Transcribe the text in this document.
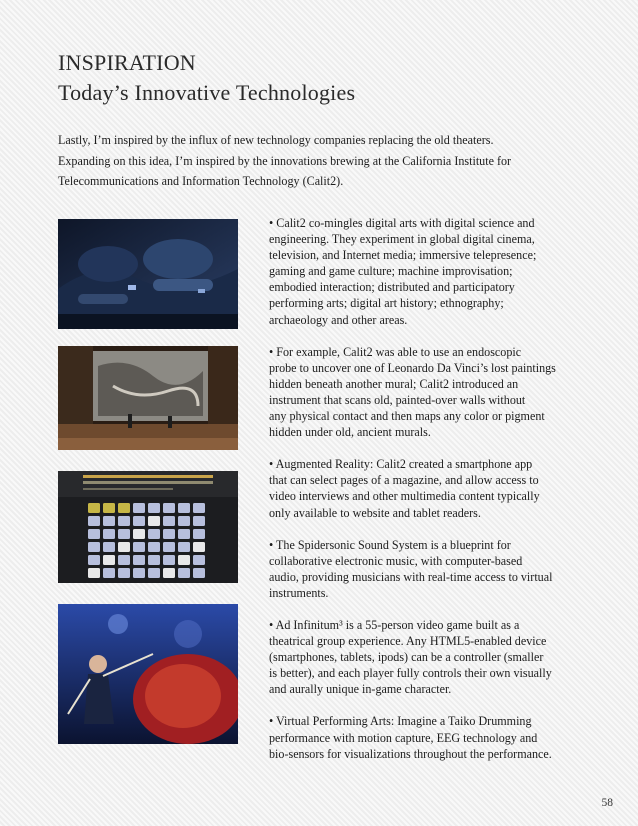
INSPIRATION
Today’s Innovative Technologies

Lastly, I’m inspired by the influx of new technology companies replacing the old theaters.

Expanding on this idea, I’m inspired by the innovations brewing at the California Institute for

Telecommunications and Information Technology (Calit2).

• Calit2 co-mingles digital arts with digital science and
engineering. They experiment in global digital cinema,
television, and Internet media; immersive telepresence;
gaming and game culture; machine improvisation;
embodied interaction; distributed and participatory
performing arts; digital art history; ethnography;
archaeology and other areas.

• For example, Calit2 was able to use an endoscopic
probe to uncover one of Leonardo Da Vinci’s lost paintings
hidden beneath another mural; Calit2 introduced an
instrument that scans old, painted-over walls without
any physical contact and then maps any color or pigment
hidden under old, ancient murals.

• Augmented Reality: Calit2 created a smartphone app
that can select pages of a magazine, and allow access to
video interviews and other multimedia content typically
only available to website and tablet readers.

• The Spidersonic Sound System is a blueprint for
collaborative electronic music, with computer-based
audio, providing musicians with real-time access to virtual
instruments.

• Ad Infinitum³ is a 55-person video game built as a
theatrical group experience. Any HTML5-enabled device
(smartphones, tablets, ipods) can be a controller (smaller
is better), and each player fully controls their own visually
and aurally unique in-game character.

• Virtual Performing Arts: Imagine a Taiko Drumming
performance with motion capture, EEG technology and
bio-sensors for visualizations throughout the performance.

58
